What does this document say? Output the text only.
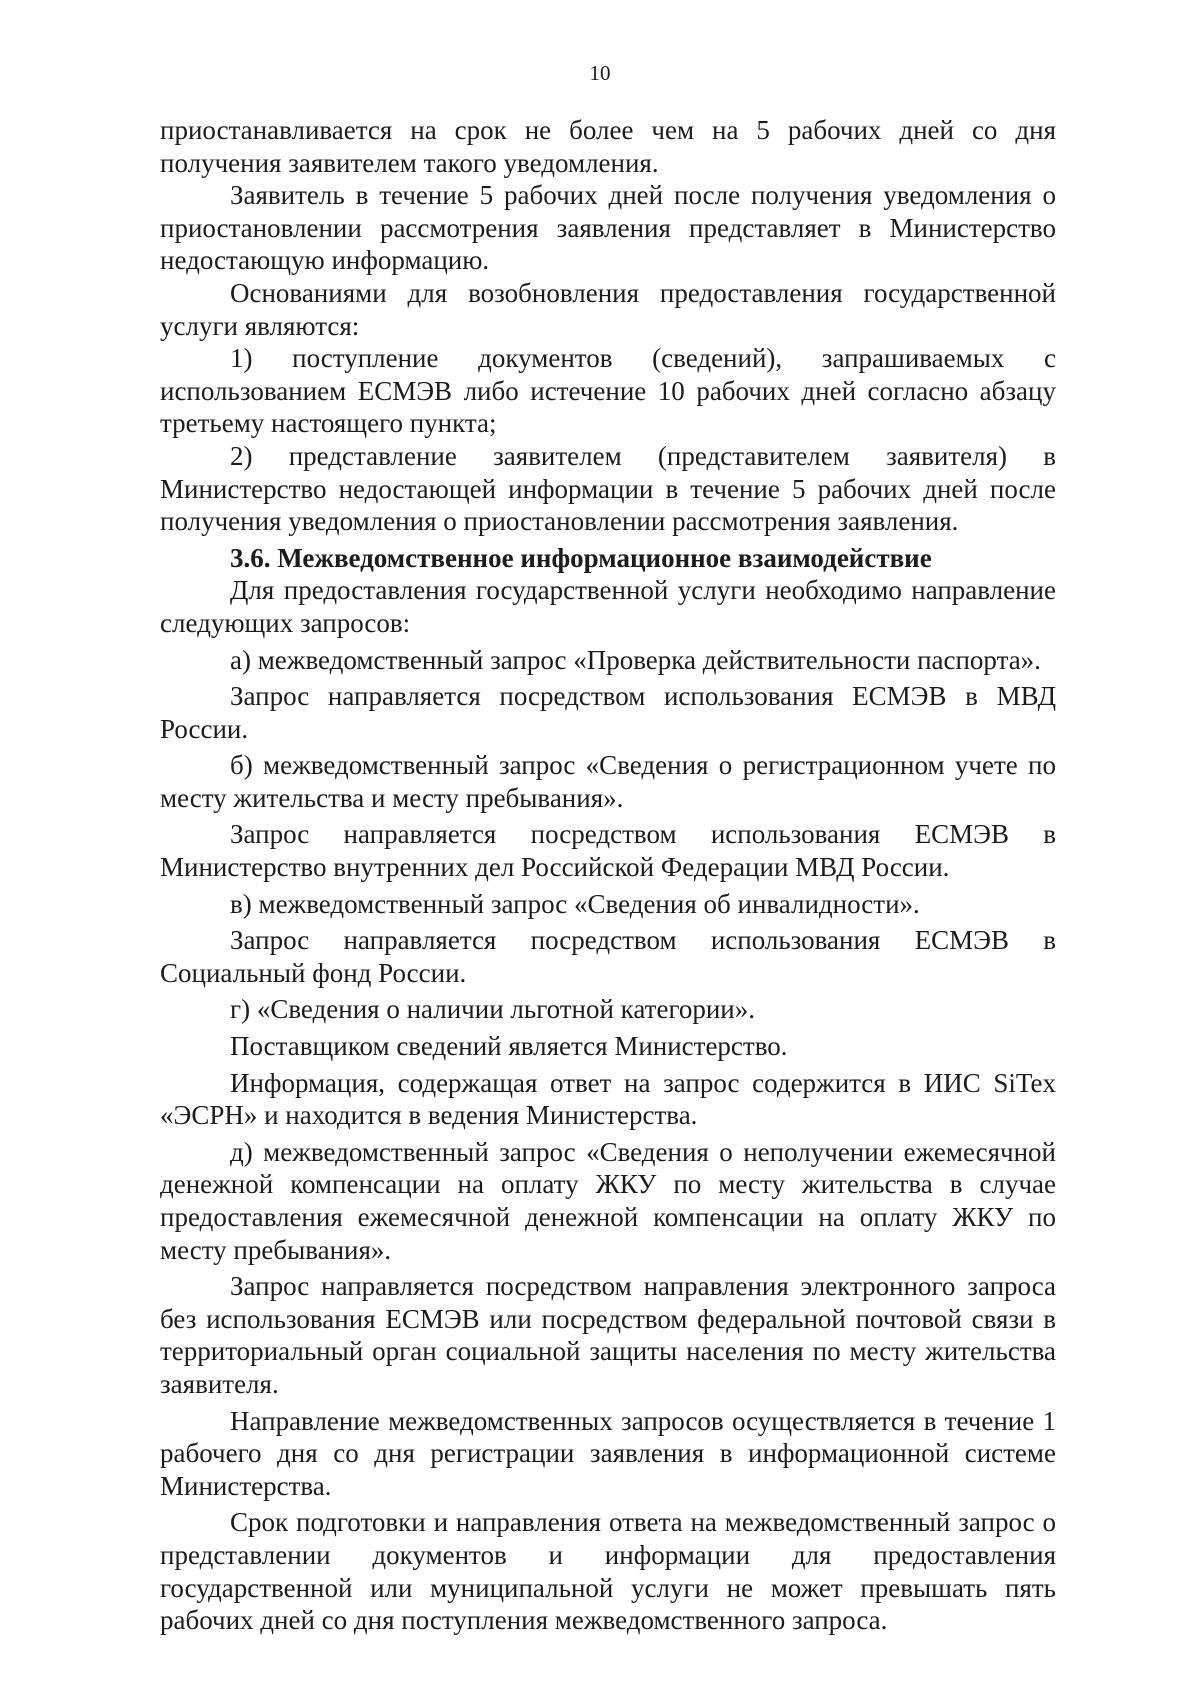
10

приостанавливается на срок не более чем на 5 рабочих дней со дня получения заявителем такого уведомления.

Заявитель в течение 5 рабочих дней после получения уведомления о приостановлении рассмотрения заявления представляет в Министерство недостающую информацию.

Основаниями для возобновления предоставления государственной услуги являются:

1) поступление документов (сведений), запрашиваемых с использованием ЕСМЭВ либо истечение 10 рабочих дней согласно абзацу третьему настоящего пункта;

2) представление заявителем (представителем заявителя) в Министерство недостающей информации в течение 5 рабочих дней после получения уведомления о приостановлении рассмотрения заявления.

3.6. Межведомственное информационное взаимодействие

Для предоставления государственной услуги необходимо направление следующих запросов:

а) межведомственный запрос «Проверка действительности паспорта».

Запрос направляется посредством использования ЕСМЭВ в МВД России.

б) межведомственный запрос «Сведения о регистрационном учете по месту жительства и месту пребывания».

Запрос направляется посредством использования ЕСМЭВ в Министерство внутренних дел Российской Федерации МВД России.

в) межведомственный запрос «Сведения об инвалидности».

Запрос направляется посредством использования ЕСМЭВ в Социальный фонд России.

г) «Сведения о наличии льготной категории».

Поставщиком сведений является Министерство.

Информация, содержащая ответ на запрос содержится в ИИС SiTex «ЭСРН» и находится в ведения Министерства.

д) межведомственный запрос «Сведения о неполучении ежемесячной денежной компенсации на оплату ЖКУ по месту жительства в случае предоставления ежемесячной денежной компенсации на оплату ЖКУ по месту пребывания».

Запрос направляется посредством направления электронного запроса без использования ЕСМЭВ или посредством федеральной почтовой связи в территориальный орган социальной защиты населения по месту жительства заявителя.

Направление межведомственных запросов осуществляется в течение 1 рабочего дня со дня регистрации заявления в информационной системе Министерства.

Срок подготовки и направления ответа на межведомственный запрос о представлении документов и информации для предоставления государственной или муниципальной услуги не может превышать пять рабочих дней со дня поступления межведомственного запроса.
